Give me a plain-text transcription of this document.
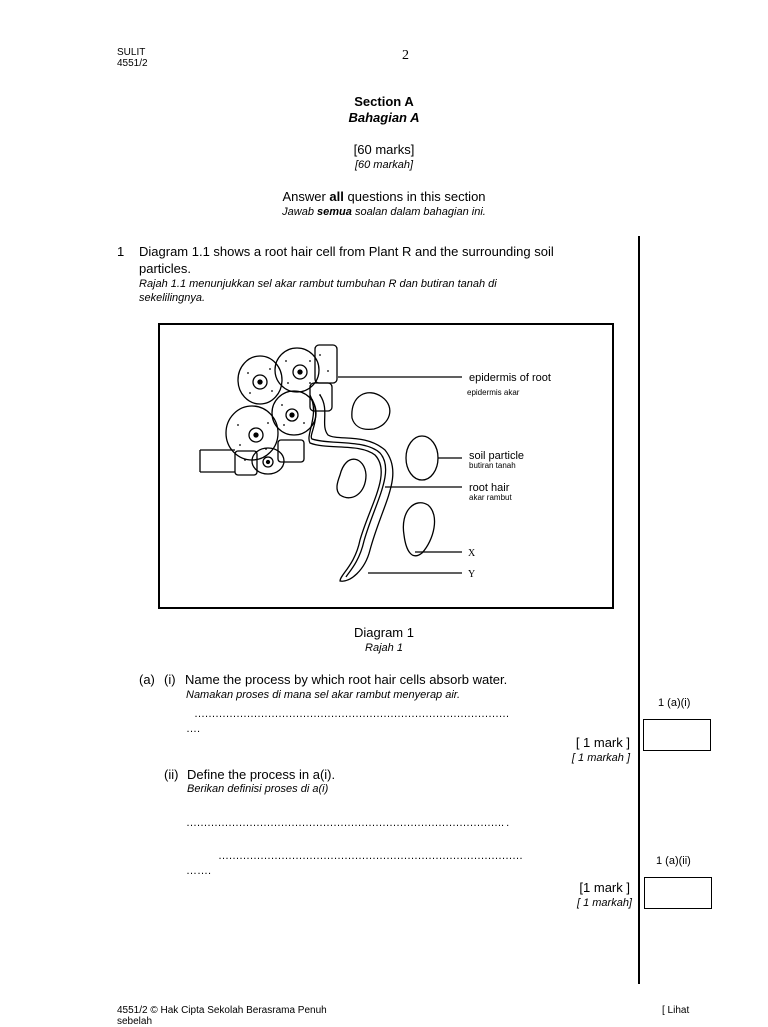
SULIT
4551/2
2
Section A
Bahagian A
[60 marks]
[60 markah]
Answer all questions in this section
Jawab semua soalan dalam bahagian ini.
1 Diagram 1.1 shows a root hair cell from Plant R and the surrounding soil
particles.
Rajah 1.1 menunjukkan sel akar rambut tumbuhan R dan butiran tanah di
sekelilingnya.
epidermis of root
epidermis akar
soil particle
butiran tanah
root hair
akar rambut
X
Y
Diagram 1
Rajah 1
(a) (i) Name the process by which root hair cells absorb water.
Namakan proses di mana sel akar rambut menyerap air.
1 (a)(i)
………………………………………………………………………………
….
[ 1 mark ]
[ 1 markah ]
(ii) Define the process in a(i).
Berikan definisi proses di a(i)
………………………………………………………………………………. .
……………………………………………………………………………	1 (a)(ii)
…….
[1 mark ]
[ 1 markah]
4551/2 © Hak Cipta Sekolah Berasrama Penuh
sebelah
[ Lihat
